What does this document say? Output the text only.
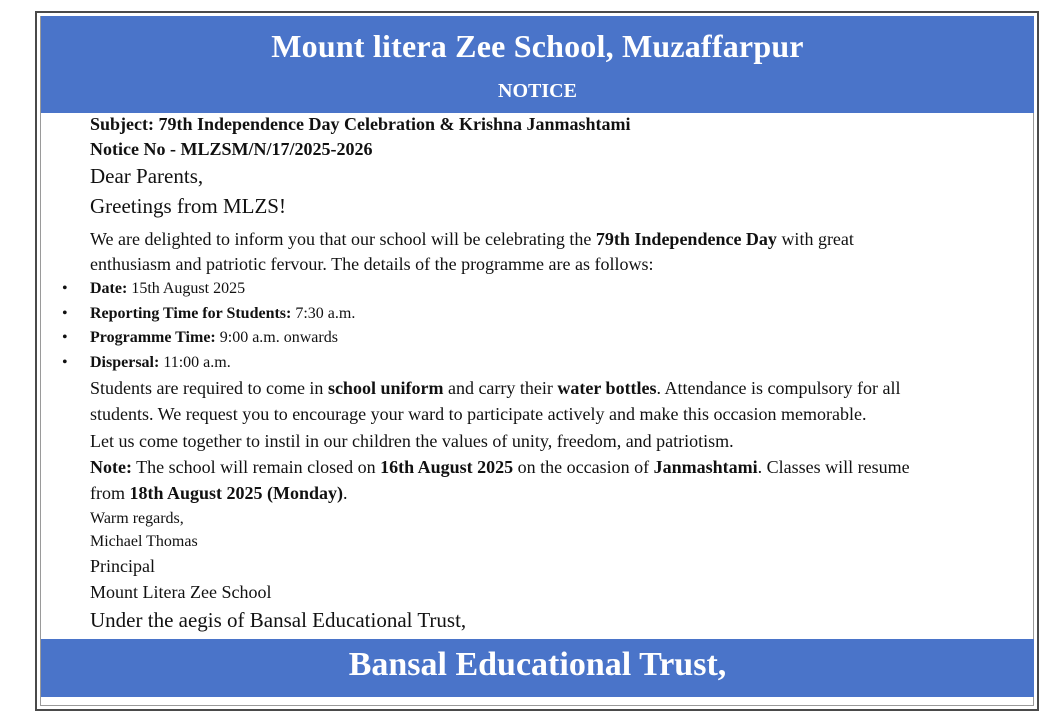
Mount litera Zee School, Muzaffarpur
NOTICE
Subject: 79th Independence Day Celebration & Krishna Janmashtami
Notice No - MLZSM/N/17/2025-2026
Dear Parents,
Greetings from MLZS!
We are delighted to inform you that our school will be celebrating the 79th Independence Day with great
enthusiasm and patriotic fervour. The details of the programme are as follows:
• Date: 15th August 2025
• Reporting Time for Students: 7:30 a.m.
• Programme Time: 9:00 a.m. onwards
• Dispersal: 11:00 a.m.
Students are required to come in school uniform and carry their water bottles. Attendance is compulsory for all
students. We request you to encourage your ward to participate actively and make this occasion memorable.
Let us come together to instil in our children the values of unity, freedom, and patriotism.
Note: The school will remain closed on 16th August 2025 on the occasion of Janmashtami. Classes will resume
from 18th August 2025 (Monday).
Warm regards,
Michael Thomas
Principal
Mount Litera Zee School
Under the aegis of Bansal Educational Trust,
Bansal Educational Trust,
